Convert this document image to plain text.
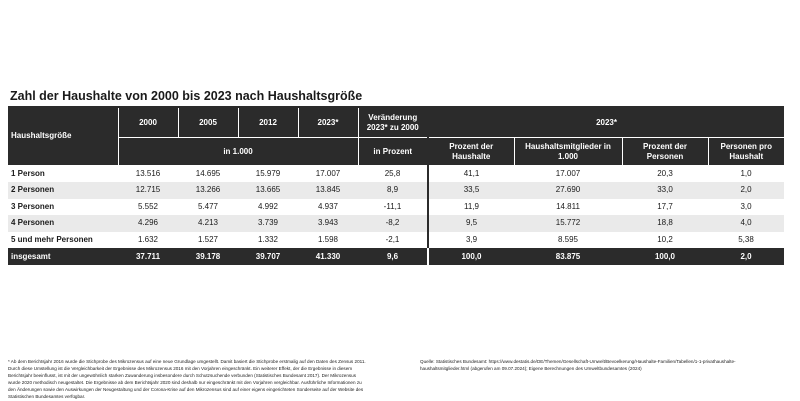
Zahl der Haushalte von 2000 bis 2023 nach Haushaltsgröße
Haushaltsgröße	2000	2005	2012	2023*	Veränderung 2023* zu 2000	2023*			
	in 1.000				in Prozent	Prozent der Haushalte	Haushaltsmitglieder in 1.000	Prozent der Personen	Personen pro Haushalt
1 Person	13.516	14.695	15.979	17.007	25,8	41,1	17.007	20,3	1,0
2 Personen	12.715	13.266	13.665	13.845	8,9	33,5	27.690	33,0	2,0
3 Personen	5.552	5.477	4.992	4.937	-11,1	11,9	14.811	17,7	3,0
4 Personen	4.296	4.213	3.739	3.943	-8,2	9,5	15.772	18,8	4,0
5 und mehr Personen	1.632	1.527	1.332	1.598	-2,1	3,9	8.595	10,2	5,38
insgesamt	37.711	39.178	39.707	41.330	9,6	100,0	83.875	100,0	2,0
* Ab dem Berichtsjahr 2016 wurde die Stichprobe des Mikrozensus auf eine neue Grundlage umgestellt. Damit basiert die Stichprobe erstmalig auf den Daten des Zensus 2011. Durch diese Umstellung ist die Vergleichbarkeit der Ergebnisse des Mikrozensus 2016 mit den Vorjahren eingeschränkt. Ein weiterer Effekt, der die Ergebnisse in diesem Berichtsjahr beeinflusst, ist mit der ungewöhnlich starken Zuwanderung insbesondere durch Schutzsuchende verbunden (Statistisches Bundesamt 2017). Der Mikrozensus wurde 2020 methodisch neugestaltet. Die Ergebnisse ab dem Berichtsjahr 2020 sind deshalb nur eingeschränkt mit den Vorjahren vergleichbar. Ausführliche Informationen zu den Änderungen sowie den Auswirkungen der Neugestaltung und der Corona-Krise auf den Mikrozensus sind auf einer eigens eingerichteten Sonderseite auf der Website des Statistischen Bundesamtes verfügbar.
Quelle: Statistisches Bundesamt: https://www.destatis.de/DE/Themen/Gesellschaft-Umwelt/Bevoelkerung/Haushalte-Familien/Tabellen/1-1-privathaushalte-haushaltsmitglieder.html (abgerufen am 09.07.2024); Eigene Berechnungen des Umweltbundesamtes (2024)
